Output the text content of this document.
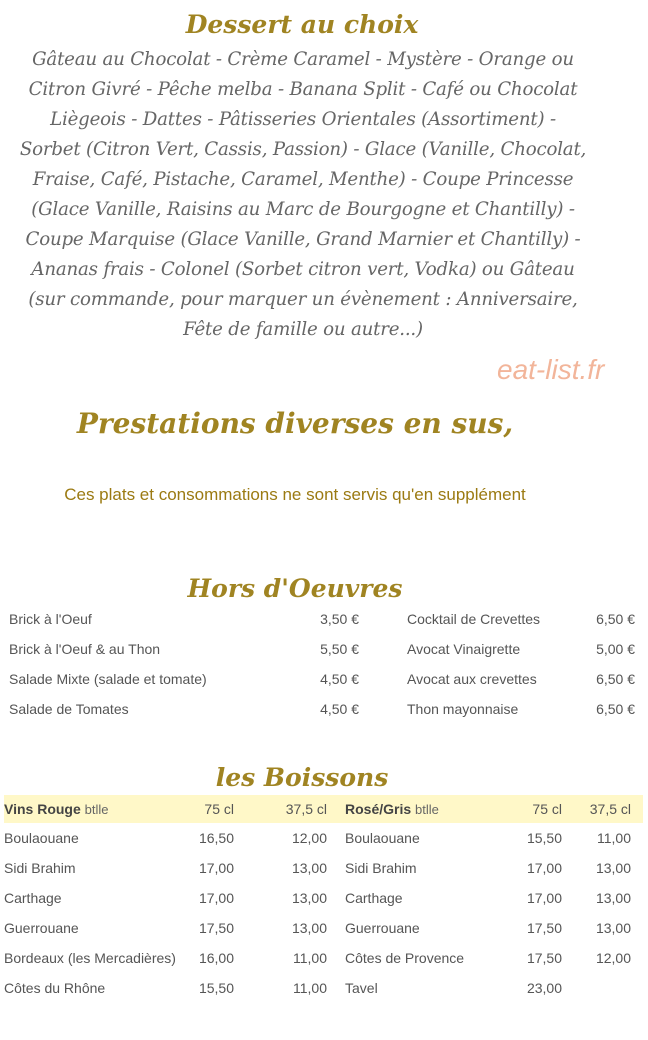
Dessert au choix

Gâteau au Chocolat - Crème Caramel - Mystère - Orange ou Citron Givré - Pêche melba - Banana Split - Café ou Chocolat Liègeois - Dattes - Pâtisseries Orientales (Assortiment) - Sorbet (Citron Vert, Cassis, Passion) - Glace (Vanille, Chocolat, Fraise, Café, Pistache, Caramel, Menthe) - Coupe Princesse (Glace Vanille, Raisins au Marc de Bourgogne et Chantilly) - Coupe Marquise (Glace Vanille, Grand Marnier et Chantilly) - Ananas frais - Colonel (Sorbet citron vert, Vodka) ou Gâteau (sur commande, pour marquer un évènement : Anniversaire, Fête de famille ou autre...)

eat-list.fr
Prestations diverses en sus,

Ces plats et consommations ne sont servis qu'en supplément

Hors d'Oeuvres
Brick à l'Oeuf	3,50 €	Cocktail de Crevettes	6,50 €
Brick à l'Oeuf & au Thon	5,50 €	Avocat Vinaigrette	5,00 €
Salade Mixte (salade et tomate)	4,50 €	Avocat aux crevettes	6,50 €
Salade de Tomates	4,50 €	Thon mayonnaise	6,50 €
les Boissons
Vins Rouge btlle	75 cl	37,5 cl	Rosé/Gris btlle	75 cl	37,5 cl
Boulaouane	16,50	12,00	Boulaouane	15,50	11,00
Sidi Brahim	17,00	13,00	Sidi Brahim	17,00	13,00
Carthage	17,00	13,00	Carthage	17,00	13,00
Guerrouane	17,50	13,00	Guerrouane	17,50	13,00
Bordeaux (les Mercadières)	16,00	11,00	Côtes de Provence	17,50	12,00
Côtes du Rhône	15,50	11,00	Tavel	23,00	
